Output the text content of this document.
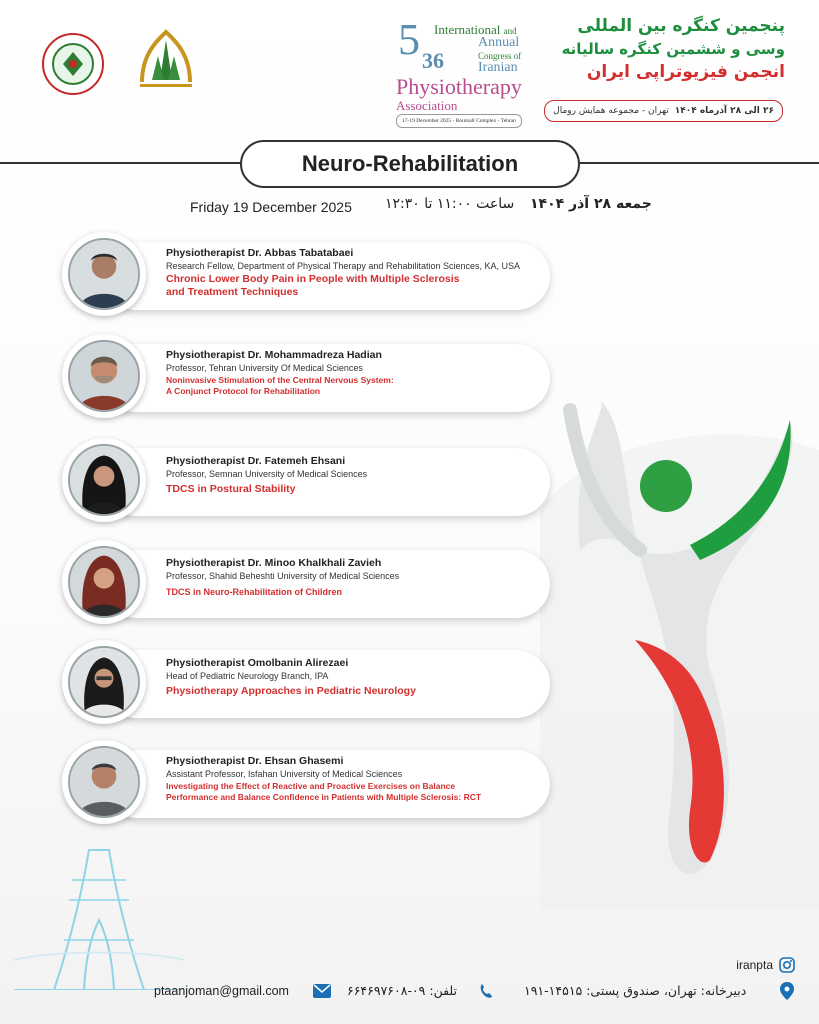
5 36
International and
Annual
Congress of
Iranian
Physiotherapy
Association
17-19 December 2025 - Roumall Complex - Tehran
پنجمین کنگره بین المللی
وسی و ششمین کنگره سالیانه
انجمن فیزیوتراپی ایران
۲۶ الی ۲۸ آذرماه ۱۴۰۴
تهران - مجموعه همایش رومال
Neuro-Rehabilitation
Friday 19 December 2025 ساعت ۱۱:۰۰ تا ۱۲:۳۰ جمعه ۲۸ آذر ۱۴۰۴
Physiotherapist Dr. Abbas Tabatabaei
Research Fellow, Department of Physical Therapy and Rehabilitation Sciences, KA, USA
Chronic Lower Body Pain in People with Multiple Sclerosis
and Treatment Techniques
Physiotherapist Dr. Mohammadreza Hadian
Professor, Tehran University Of Medical Sciences
Noninvasive Stimulation of the Central Nervous System:
A Conjunct Protocol for Rehabilitation
Physiotherapist Dr. Fatemeh Ehsani
Professor, Semnan University of Medical Sciences
TDCS in Postural Stability
Physiotherapist Dr. Minoo Khalkhali Zavieh
Professor, Shahid Beheshti University of Medical Sciences
TDCS in Neuro-Rehabilitation of Children
Physiotherapist Omolbanin Alirezaei
Head of Pediatric Neurology Branch, IPA
Physiotherapy Approaches in Pediatric Neurology
Physiotherapist Dr. Ehsan Ghasemi
Assistant Professor, Isfahan University of Medical Sciences
Investigating the Effect of Reactive and Proactive Exercises on Balance
Performance and Balance Confidence in Patients with Multiple Sclerosis: RCT
iranpta
ptaanjoman@gmail.com	تلفن: ۰۹-۶۶۴۶۹۷۶۰۸	دبیرخانه: تهران، صندوق پستی: ۱۴۵۱۵-۱۹۱
